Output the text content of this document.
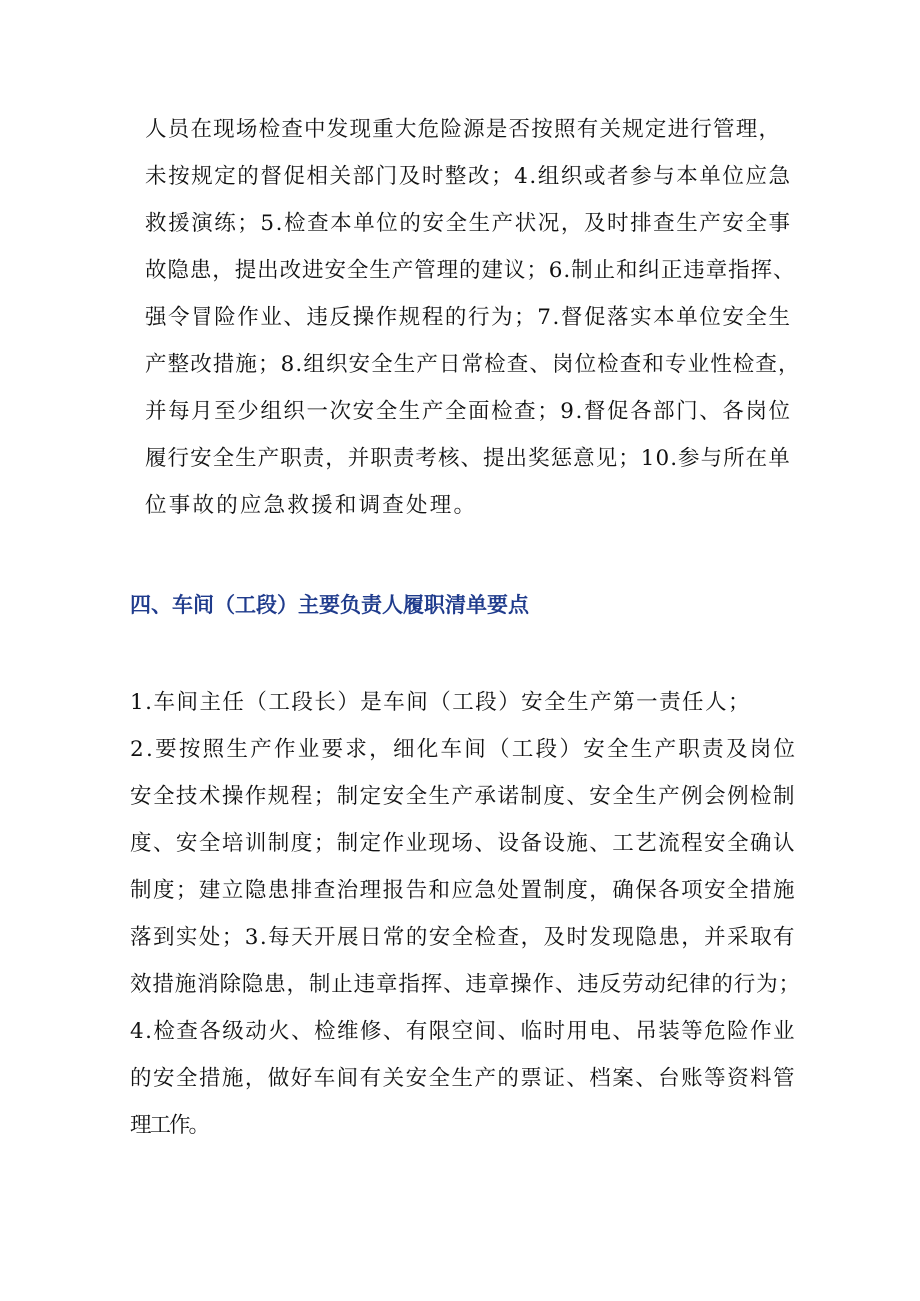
人员在现场检查中发现重大危险源是否按照有关规定进行管理，
未按规定的督促相关部门及时整改；4.组织或者参与本单位应急
救援演练；5.检查本单位的安全生产状况，及时排查生产安全事
故隐患，提出改进安全生产管理的建议；6.制止和纠正违章指挥、
强令冒险作业、违反操作规程的行为；7.督促落实本单位安全生
产整改措施；8.组织安全生产日常检查、岗位检查和专业性检查，
并每月至少组织一次安全生产全面检查；9.督促各部门、各岗位
履行安全生产职责，并职责考核、提出奖惩意见；10.参与所在单
位事故的应急救援和调查处理。
四、车间（工段）主要负责人履职清单要点
1.车间主任（工段长）是车间（工段）安全生产第一责任人；
2.要按照生产作业要求，细化车间（工段）安全生产职责及岗位
安全技术操作规程；制定安全生产承诺制度、安全生产例会例检制
度、安全培训制度；制定作业现场、设备设施、工艺流程安全确认
制度；建立隐患排查治理报告和应急处置制度，确保各项安全措施
落到实处；3.每天开展日常的安全检查，及时发现隐患，并采取有
效措施消除隐患，制止违章指挥、违章操作、违反劳动纪律的行为；
4.检查各级动火、检维修、有限空间、临时用电、吊装等危险作业
的安全措施，做好车间有关安全生产的票证、档案、台账等资料管
理工作。
